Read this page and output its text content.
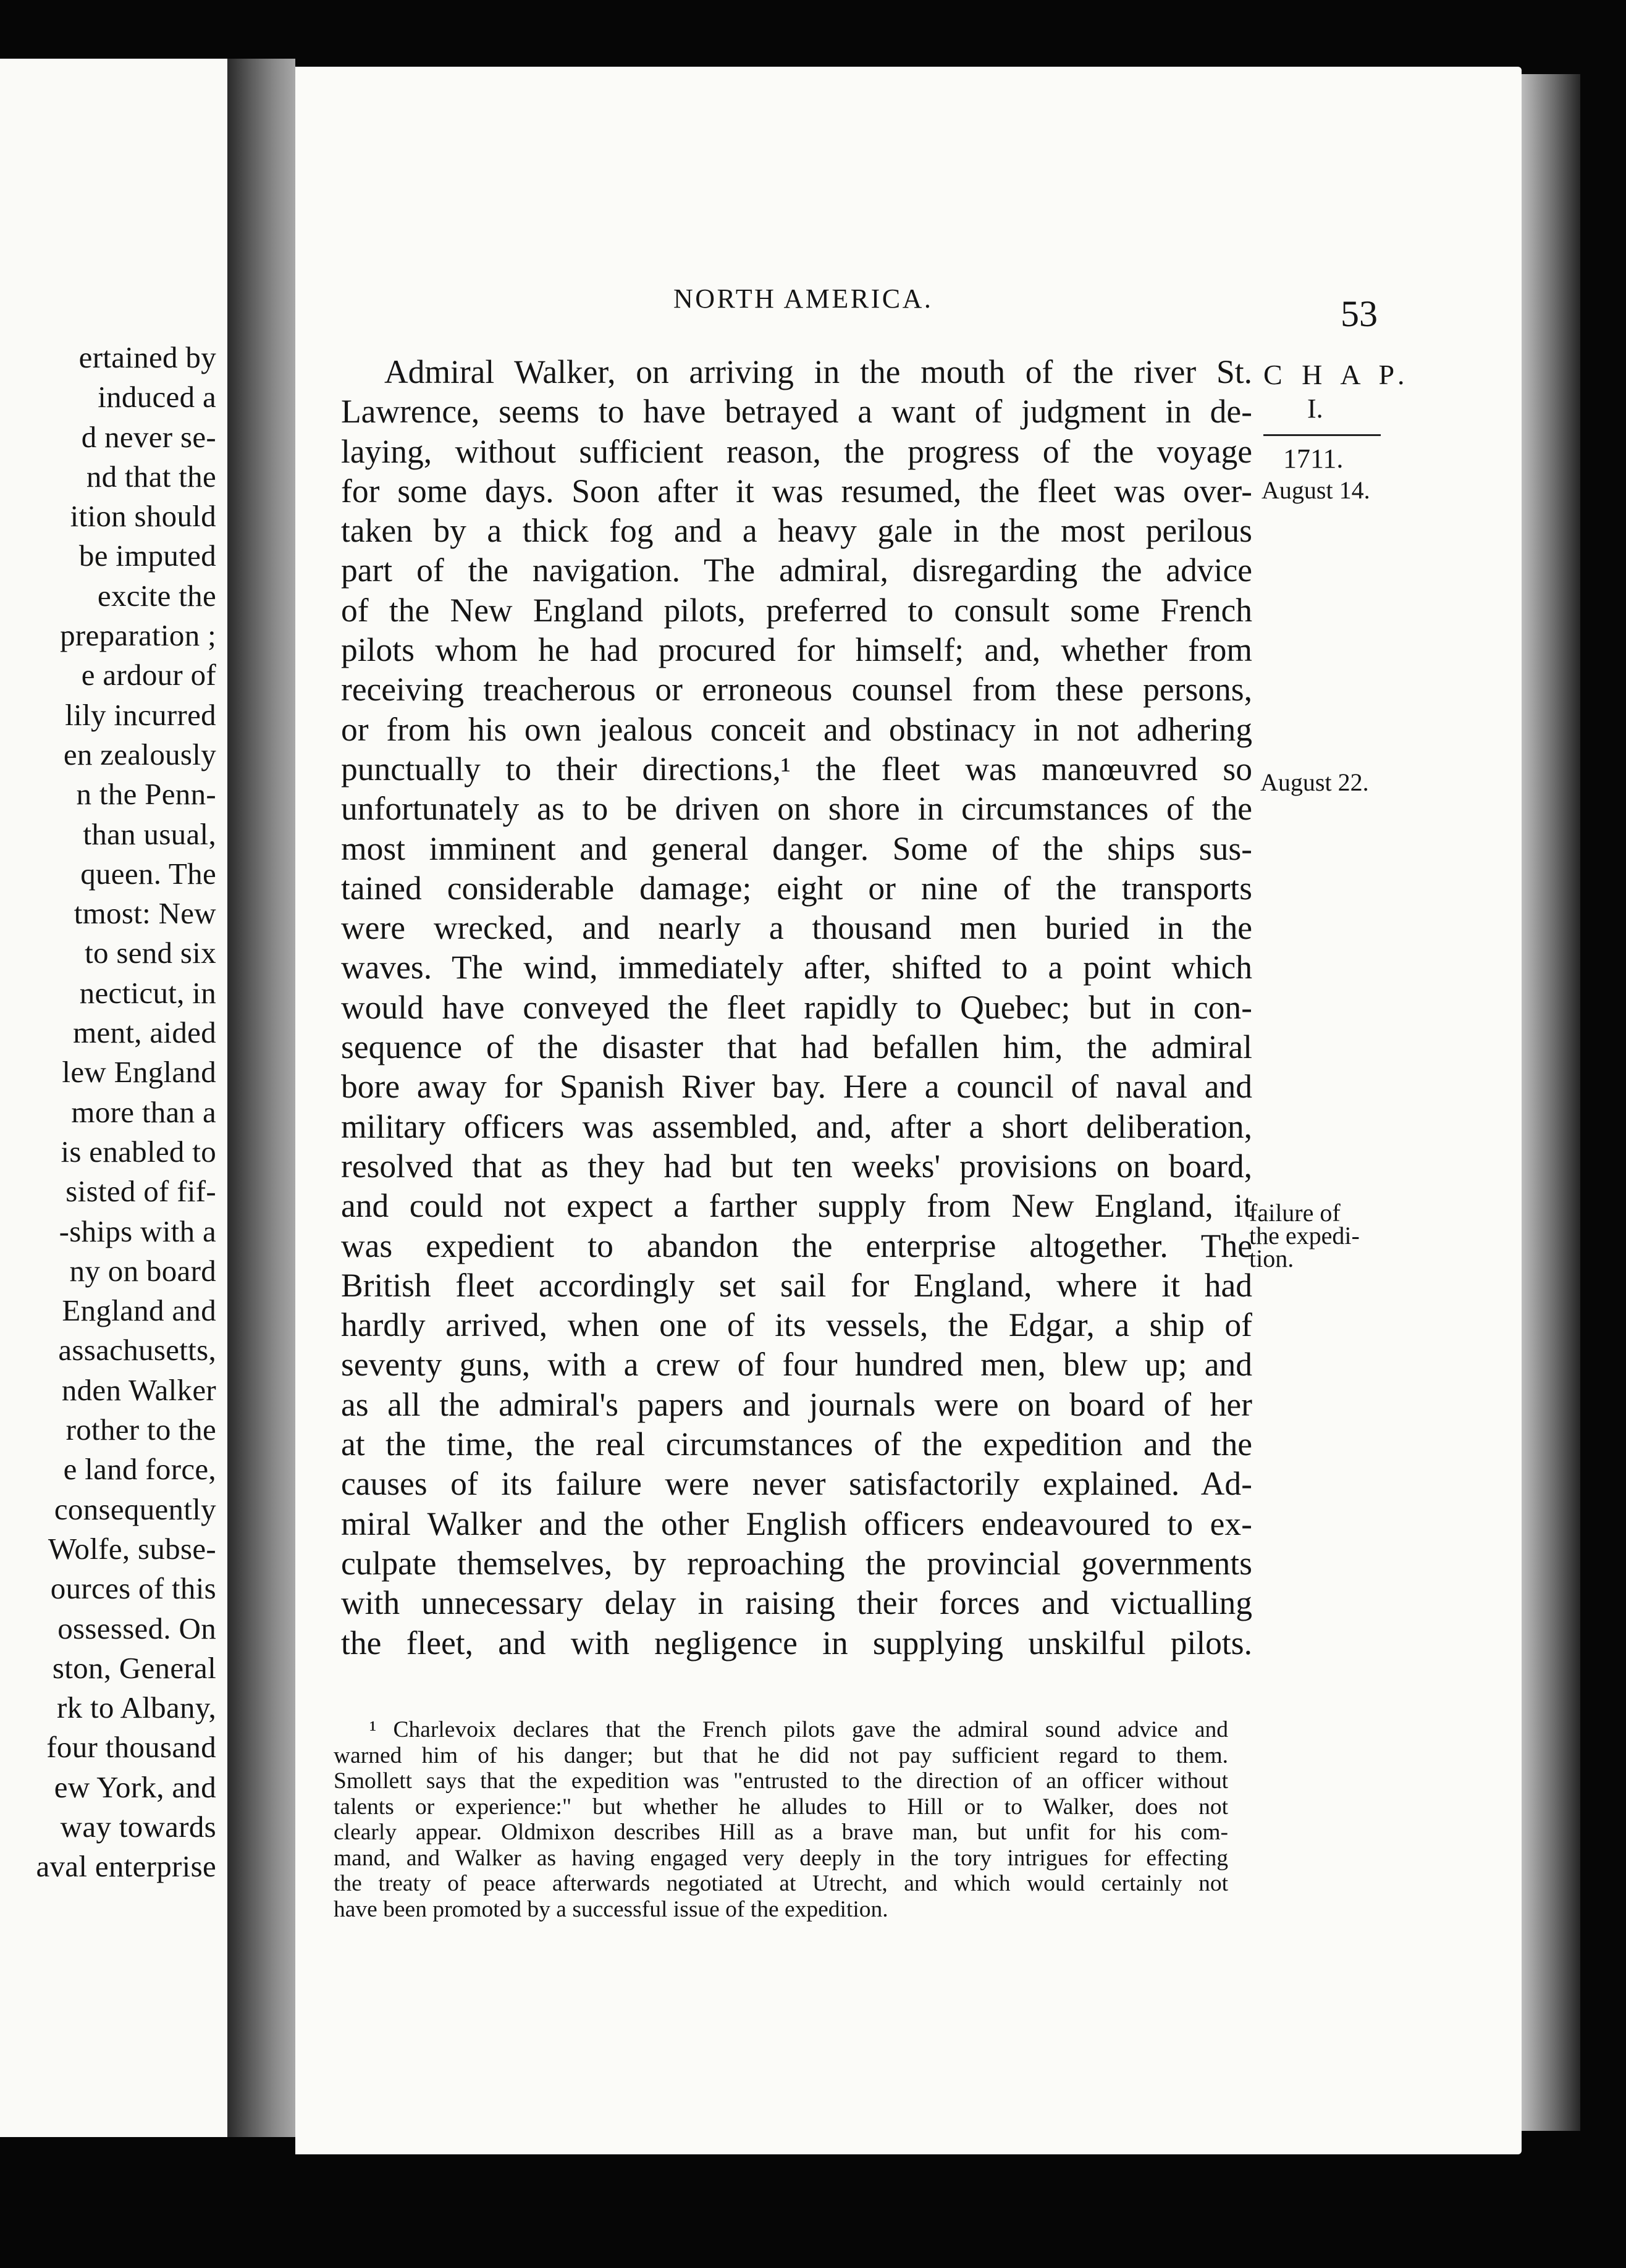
ertained by
induced a
d never se-
nd that the
ition should
be imputed
excite the
preparation ;
e ardour of
lily incurred
en zealously
n the Penn-
than usual,
queen. The
tmost: New
to send six
necticut, in
ment, aided
lew England
more than a
is enabled to
sisted of fif-
-ships with a
ny on board
England and
assachusetts,
nden Walker
rother to the
e land force,
consequently
Wolfe, subse-
ources of this
ossessed. On
ston, General
rk to Albany,
four thousand
ew York, and
way towards
aval enterprise
NORTH AMERICA.	53
C H A P.
I.
1711.
August 14.
August 22.
failure of
the expedi-
tion.
Admiral Walker, on arriving in the mouth of the river St.
Lawrence, seems to have betrayed a want of judgment in de-
laying, without sufficient reason, the progress of the voyage
for some days. Soon after it was resumed, the fleet was over-
taken by a thick fog and a heavy gale in the most perilous
part of the navigation. The admiral, disregarding the advice
of the New England pilots, preferred to consult some French
pilots whom he had procured for himself; and, whether from
receiving treacherous or erroneous counsel from these persons,
or from his own jealous conceit and obstinacy in not adhering
punctually to their directions,¹ the fleet was manœuvred so
unfortunately as to be driven on shore in circumstances of the
most imminent and general danger. Some of the ships sus-
tained considerable damage; eight or nine of the transports
were wrecked, and nearly a thousand men buried in the
waves. The wind, immediately after, shifted to a point which
would have conveyed the fleet rapidly to Quebec; but in con-
sequence of the disaster that had befallen him, the admiral
bore away for Spanish River bay. Here a council of naval and
military officers was assembled, and, after a short deliberation,
resolved that as they had but ten weeks' provisions on board,
and could not expect a farther supply from New England, it
was expedient to abandon the enterprise altogether. The
British fleet accordingly set sail for England, where it had
hardly arrived, when one of its vessels, the Edgar, a ship of
seventy guns, with a crew of four hundred men, blew up; and
as all the admiral's papers and journals were on board of her
at the time, the real circumstances of the expedition and the
causes of its failure were never satisfactorily explained. Ad-
miral Walker and the other English officers endeavoured to ex-
culpate themselves, by reproaching the provincial governments
with unnecessary delay in raising their forces and victualling
the fleet, and with negligence in supplying unskilful pilots.
¹ Charlevoix declares that the French pilots gave the admiral sound advice and
warned him of his danger; but that he did not pay sufficient regard to them.
Smollett says that the expedition was "entrusted to the direction of an officer without
talents or experience:" but whether he alludes to Hill or to Walker, does not
clearly appear. Oldmixon describes Hill as a brave man, but unfit for his com-
mand, and Walker as having engaged very deeply in the tory intrigues for effecting
the treaty of peace afterwards negotiated at Utrecht, and which would certainly not
have been promoted by a successful issue of the expedition.
